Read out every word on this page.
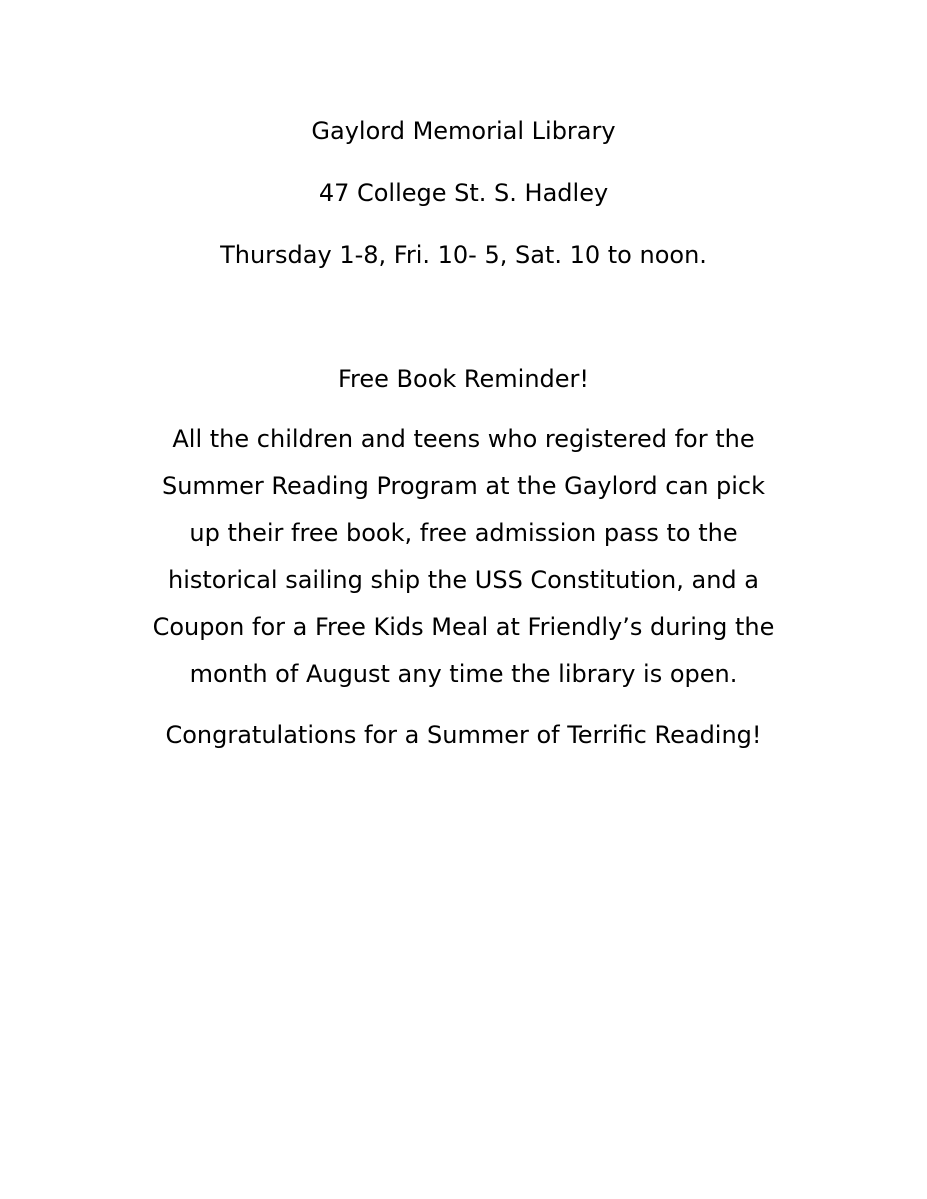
Gaylord Memorial Library
47 College St. S. Hadley
Thursday 1-8, Fri. 10- 5, Sat. 10 to noon.
Free Book Reminder!
All the children and teens who registered for the
Summer Reading Program at the Gaylord can pick
up their free book, free admission pass to the
historical sailing ship the USS Constitution, and a
Coupon for a Free Kids Meal at Friendly’s during the
month of August any time the library is open.
Congratulations for a Summer of Terrific Reading!
